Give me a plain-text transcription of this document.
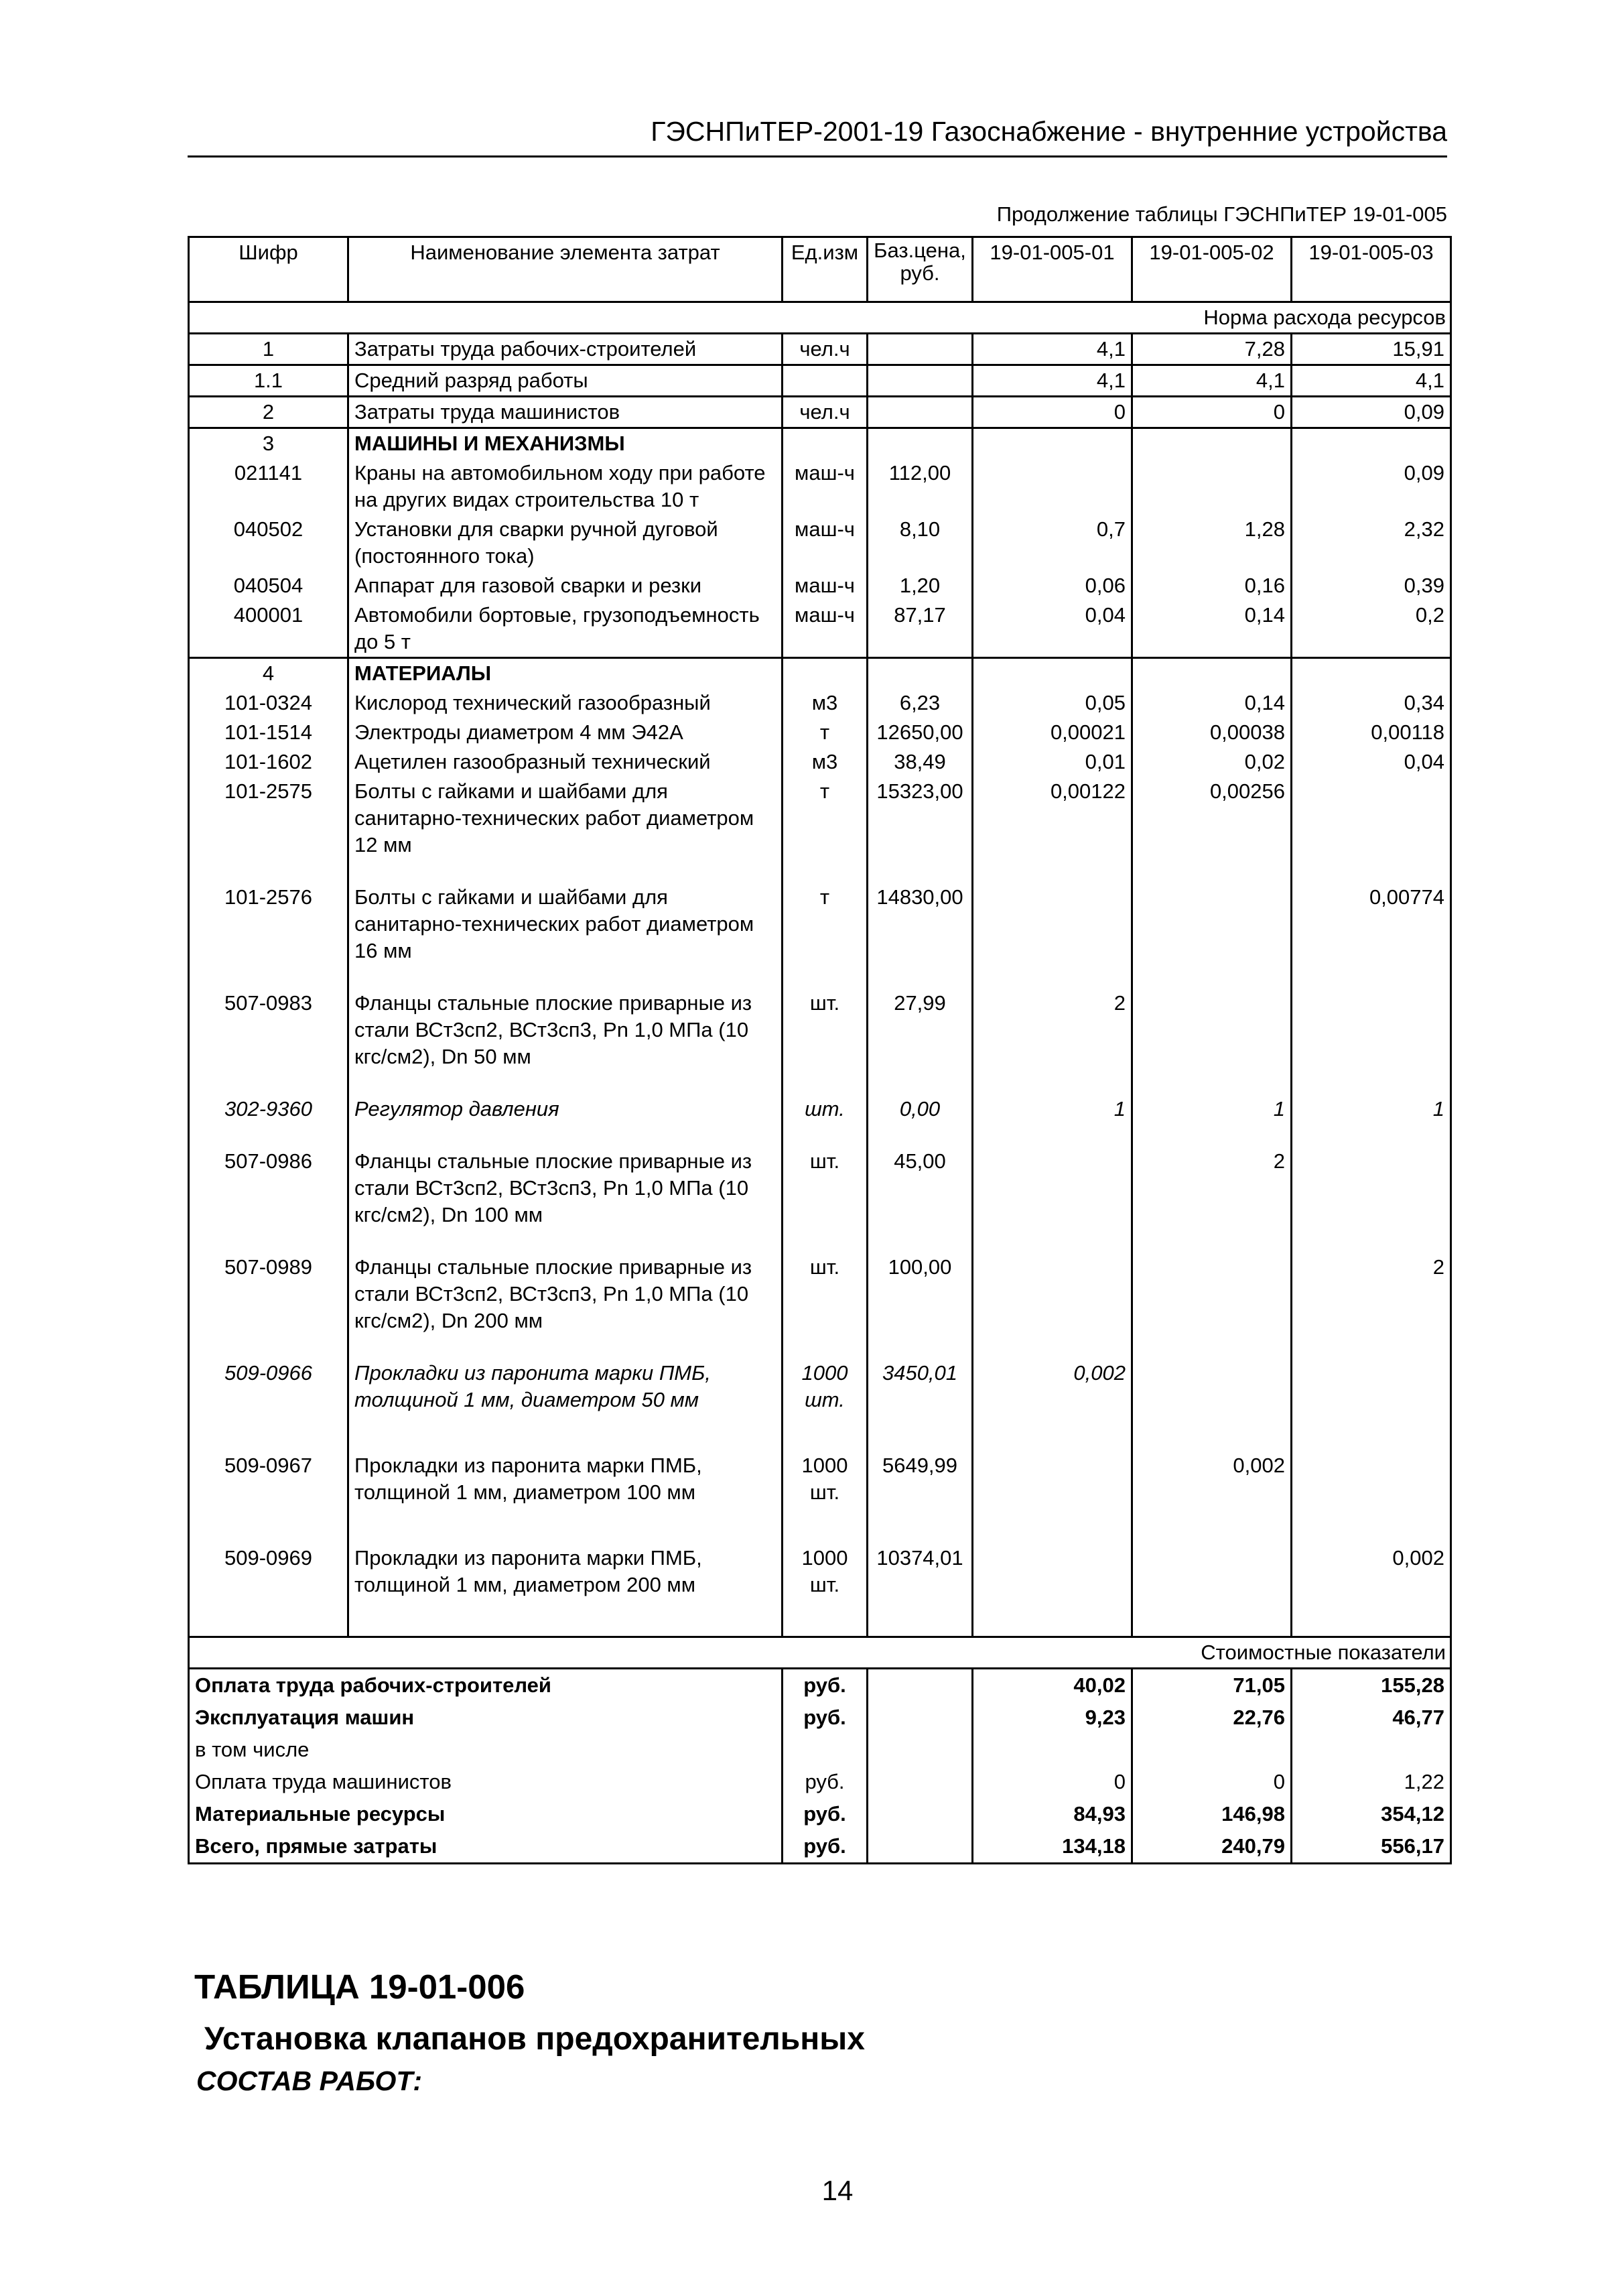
ГЭСНПиТЕР-2001-19 Газоснабжение - внутренние устройства
Продолжение таблицы ГЭСНПиТЕР 19-01-005
Шифр	Наименование элемента затрат	Ед.изм	Баз.цена, руб.	19-01-005-01	19-01-005-02	19-01-005-03
Норма расхода ресурсов						
1	Затраты труда рабочих-строителей	чел.ч		4,1	7,28	15,91
1.1	Средний разряд работы			4,1	4,1	4,1
2	Затраты труда машинистов	чел.ч		0	0	0,09
3	МАШИНЫ И МЕХАНИЗМЫ					
021141	Краны на автомобильном ходу при работе на других видах строительства 10 т	маш-ч	112,00			0,09
040502	Установки для сварки ручной дуговой (постоянного тока)	маш-ч	8,10	0,7	1,28	2,32
040504	Аппарат для газовой сварки и резки	маш-ч	1,20	0,06	0,16	0,39
400001	Автомобили бортовые, грузоподъемность до 5 т	маш-ч	87,17	0,04	0,14	0,2
4	МАТЕРИАЛЫ					
101-0324	Кислород технический газообразный	м3	6,23	0,05	0,14	0,34
101-1514	Электроды диаметром 4 мм Э42А	т	12650,00	0,00021	0,00038	0,00118
101-1602	Ацетилен газообразный технический	м3	38,49	0,01	0,02	0,04
101-2575	Болты с гайками и шайбами для санитарно-технических работ диаметром 12 мм	т	15323,00	0,00122	0,00256	
101-2576	Болты с гайками и шайбами для санитарно-технических работ диаметром 16 мм	т	14830,00			0,00774
507-0983	Фланцы стальные плоские приварные из стали ВСт3сп2, ВСт3сп3, Pn 1,0 МПа (10 кгс/см2), Dn 50 мм	шт.	27,99	2		
302-9360	Регулятор давления	шт.	0,00	1	1	1
507-0986	Фланцы стальные плоские приварные из стали ВСт3сп2, ВСт3сп3, Pn 1,0 МПа (10 кгс/см2), Dn 100 мм	шт.	45,00		2	
507-0989	Фланцы стальные плоские приварные из стали ВСт3сп2, ВСт3сп3, Pn 1,0 МПа (10 кгс/см2), Dn 200 мм	шт.	100,00			2
509-0966	Прокладки из паронита марки ПМБ, толщиной 1 мм, диаметром 50 мм	1000 шт.	3450,01	0,002		
509-0967	Прокладки из паронита марки ПМБ, толщиной 1 мм, диаметром 100 мм	1000 шт.	5649,99		0,002	
509-0969	Прокладки из паронита марки ПМБ, толщиной 1 мм, диаметром 200 мм	1000 шт.	10374,01			0,002
Стоимостные показатели						
Оплата труда рабочих-строителей		руб.		40,02	71,05	155,28
Эксплуатация машин		руб.		9,23	22,76	46,77
в том числе						
Оплата труда машинистов		руб.		0	0	1,22
Материальные ресурсы		руб.		84,93	146,98	354,12
Всего, прямые затраты		руб.		134,18	240,79	556,17
ТАБЛИЦА 19-01-006
Установка клапанов предохранительных
СОСТАВ РАБОТ:
14
